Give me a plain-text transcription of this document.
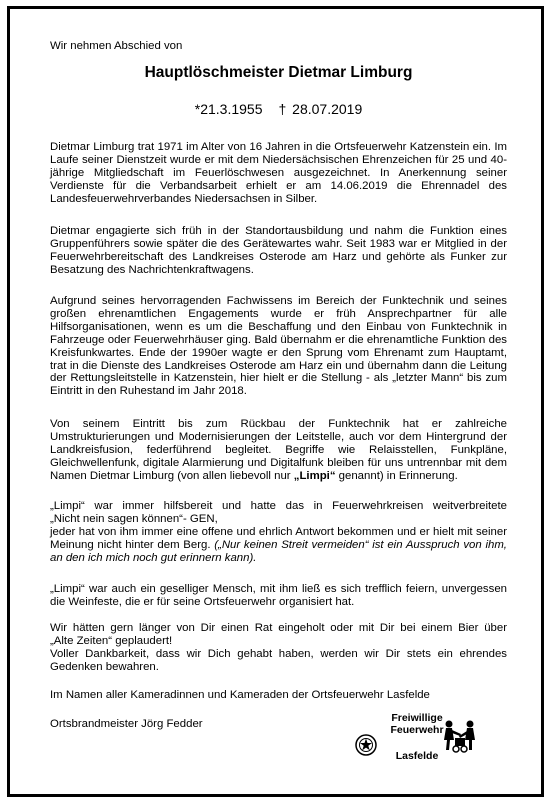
Wir nehmen Abschied von

Hauptlöschmeister Dietmar Limburg
*21.3.1955 † 28.07.2019

Dietmar Limburg trat 1971 im Alter von 16 Jahren in die Ortsfeuerwehr Katzenstein ein. Im Laufe seiner Dienstzeit wurde er mit dem Niedersächsischen Ehrenzeichen für 25 und 40-jährige Mitgliedschaft im Feuerlöschwesen ausgezeichnet. In Anerkennung seiner Verdienste für die Verbandsarbeit erhielt er am 14.06.2019 die Ehrennadel des Landesfeuerwehrverbandes Niedersachsen in Silber.

Dietmar engagierte sich früh in der Standortausbildung und nahm die Funktion eines Gruppenführers sowie später die des Gerätewartes wahr. Seit 1983 war er Mitglied in der Feuerwehrbereitschaft des Landkreises Osterode am Harz und gehörte als Funker zur Besatzung des Nachrichtenkraftwagens.

Aufgrund seines hervorragenden Fachwissens im Bereich der Funktechnik und seines großen ehrenamtlichen Engagements wurde er früh Ansprechpartner für alle Hilfsorganisationen, wenn es um die Beschaffung und den Einbau von Funktechnik in Fahrzeuge oder Feuerwehrhäuser ging. Bald übernahm er die ehrenamtliche Funktion des Kreisfunkwartes. Ende der 1990er wagte er den Sprung vom Ehrenamt zum Hauptamt, trat in die Dienste des Landkreises Osterode am Harz ein und übernahm dann die Leitung der Rettungsleitstelle in Katzenstein, hier hielt er die Stellung - als „letzter Mann“ bis zum Eintritt in den Ruhestand im Jahr 2018.

Von seinem Eintritt bis zum Rückbau der Funktechnik hat er zahlreiche Umstrukturierungen und Modernisierungen der Leitstelle, auch vor dem Hintergrund der Landkreisfusion, federführend begleitet. Begriffe wie Relaisstellen, Funkpläne, Gleichwellenfunk, digitale Alarmierung und Digitalfunk bleiben für uns untrennbar mit dem Namen Dietmar Limburg (von allen liebevoll nur „Limpi“ genannt) in Erinnerung.

„Limpi“ war immer hilfsbereit und hatte das in Feuerwehrkreisen weitverbreitete

„Nicht nein sagen können“- GEN,

jeder hat von ihm immer eine offene und ehrlich Antwort bekommen und er hielt mit seiner Meinung nicht hinter dem Berg. („Nur keinen Streit vermeiden“ ist ein Ausspruch von ihm, an den ich mich noch gut erinnern kann).

„Limpi“ war auch ein geselliger Mensch, mit ihm ließ es sich trefflich feiern, unvergessen die Weinfeste, die er für seine Ortsfeuerwehr organisiert hat.

Wir hätten gern länger von Dir einen Rat eingeholt oder mit Dir bei einem Bier über

„Alte Zeiten“ geplaudert!

Voller Dankbarkeit, dass wir Dich gehabt haben, werden wir Dir stets ein ehrendes Gedenken bewahren.

Im Namen aller Kameradinnen und Kameraden der Ortsfeuerwehr Lasfelde

Ortsbrandmeister Jörg Fedder	Freiwillige
Feuerwehr
Lasfelde
